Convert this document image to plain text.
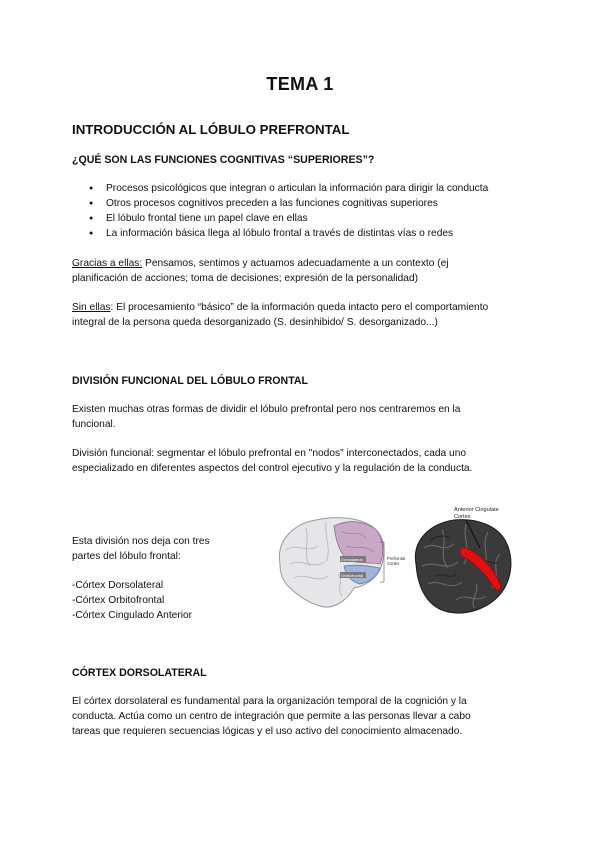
TEMA 1
INTRODUCCIÓN AL LÓBULO PREFRONTAL
¿QUÉ SON LAS FUNCIONES COGNITIVAS “SUPERIORES”?
● Procesos psicológicos que integran o articulan la información para dirigir la conducta
● Otros procesos cognitivos preceden a las funciones cognitivas superiores
● El lóbulo frontal tiene un papel clave en ellas
● La información básica llega al lóbulo frontal a través de distintas vías o redes
Gracias a ellas: Pensamos, sentimos y actuamos adecuadamente a un contexto (ej
planificación de acciones; toma de decisiones; expresión de la personalidad)
Sin ellas: El procesamiento “básico” de la información queda intacto pero el comportamiento
integral de la persona queda desorganizado (S. desinhibido/ S. desorganizado...)
DIVISIÓN FUNCIONAL DEL LÓBULO FRONTAL
Existen muchas otras formas de dividir el lóbulo prefrontal pero nos centraremos en la
funcional.
División funcional: segmentar el lóbulo prefrontal en "nodos" interconectados, cada uno
especializado en diferentes aspectos del control ejecutivo y la regulación de la conducta.
Esta división nos deja con tres
partes del lóbulo frontal:
-Córtex Dorsolateral
-Córtex Orbitofrontal
-Córtex Cingulado Anterior
Dorsolateral
Orbitofrontal
Prefrontal
Cortex
Anterior Cingulate
Cortex
CÓRTEX DORSOLATERAL
El córtex dorsolateral es fundamental para la organización temporal de la cognición y la
conducta. Actúa como un centro de integración que permite a las personas llevar a cabo
tareas que requieren secuencias lógicas y el uso activo del conocimiento almacenado.
